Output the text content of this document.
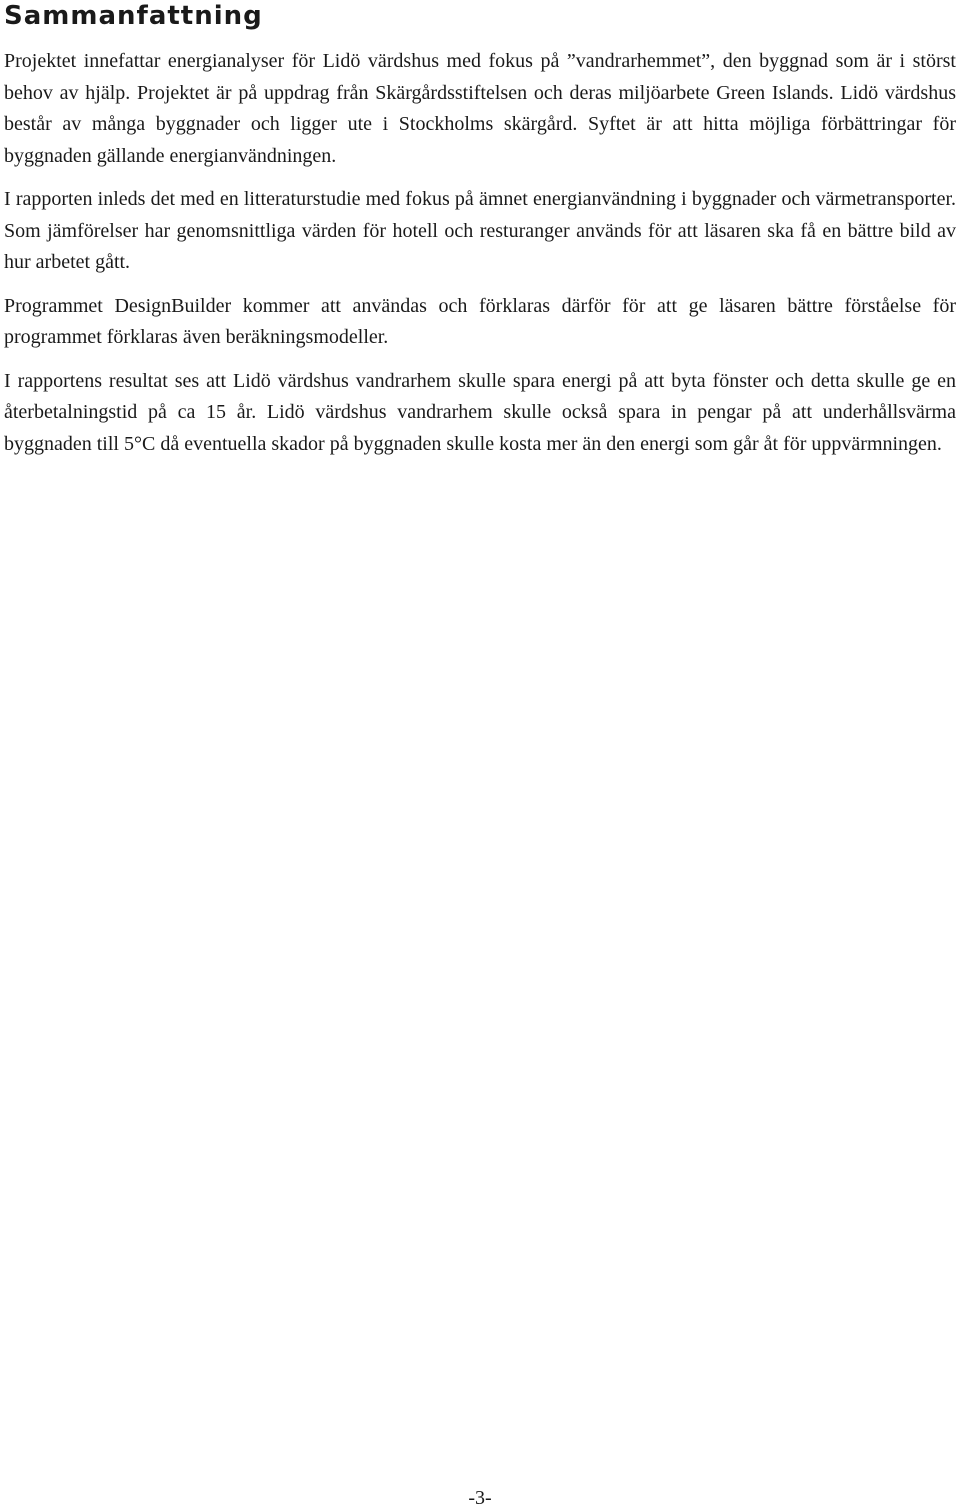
Sammanfattning

Projektet innefattar energianalyser för Lidö värdshus med fokus på ”vandrarhemmet”, den byggnad som är i störst behov av hjälp. Projektet är på uppdrag från Skärgårdsstiftelsen och deras miljöarbete Green Islands. Lidö värdshus består av många byggnader och ligger ute i Stockholms skärgård. Syftet är att hitta möjliga förbättringar för byggnaden gällande energianvändningen.

I rapporten inleds det med en litteraturstudie med fokus på ämnet energianvändning i byggnader och värmetransporter. Som jämförelser har genomsnittliga värden för hotell och resturanger används för att läsaren ska få en bättre bild av hur arbetet gått.

Programmet DesignBuilder kommer att användas och förklaras därför för att ge läsaren bättre förståelse för programmet förklaras även beräkningsmodeller.

I rapportens resultat ses att Lidö värdshus vandrarhem skulle spara energi på att byta fönster och detta skulle ge en återbetalningstid på ca 15 år. Lidö värdshus vandrarhem skulle också spara in pengar på att underhållsvärma byggnaden till 5°C då eventuella skador på byggnaden skulle kosta mer än den energi som går åt för uppvärmningen.

-3-
